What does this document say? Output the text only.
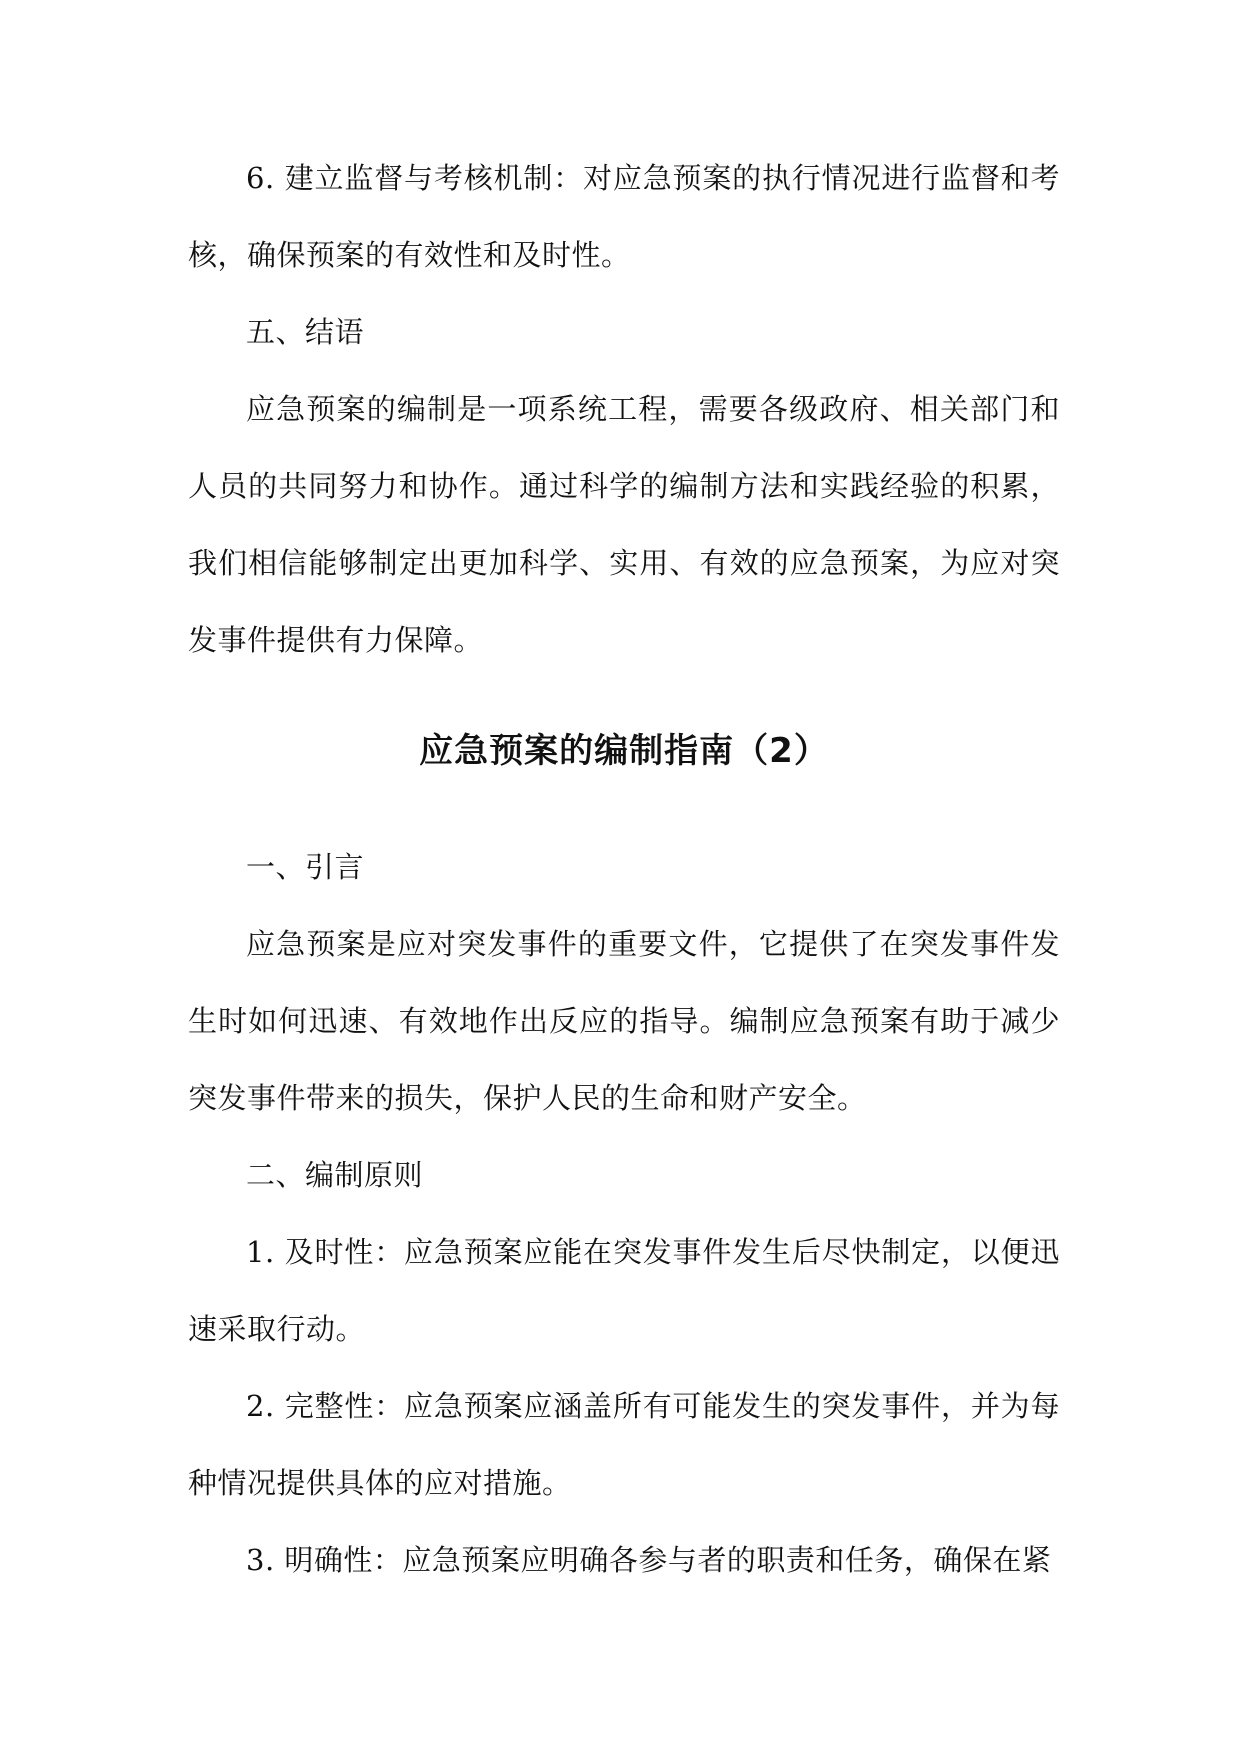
6. 建立监督与考核机制：对应急预案的执行情况进行监督和考核，确保预案的有效性和及时性。

五、结语

应急预案的编制是一项系统工程，需要各级政府、相关部门和人员的共同努力和协作。通过科学的编制方法和实践经验的积累，我们相信能够制定出更加科学、实用、有效的应急预案，为应对突发事件提供有力保障。

应急预案的编制指南（2）

一、引言

应急预案是应对突发事件的重要文件，它提供了在突发事件发生时如何迅速、有效地作出反应的指导。编制应急预案有助于减少突发事件带来的损失，保护人民的生命和财产安全。

二、编制原则

1. 及时性：应急预案应能在突发事件发生后尽快制定，以便迅速采取行动。

2. 完整性：应急预案应涵盖所有可能发生的突发事件，并为每种情况提供具体的应对措施。

3. 明确性：应急预案应明确各参与者的职责和任务，确保在紧
